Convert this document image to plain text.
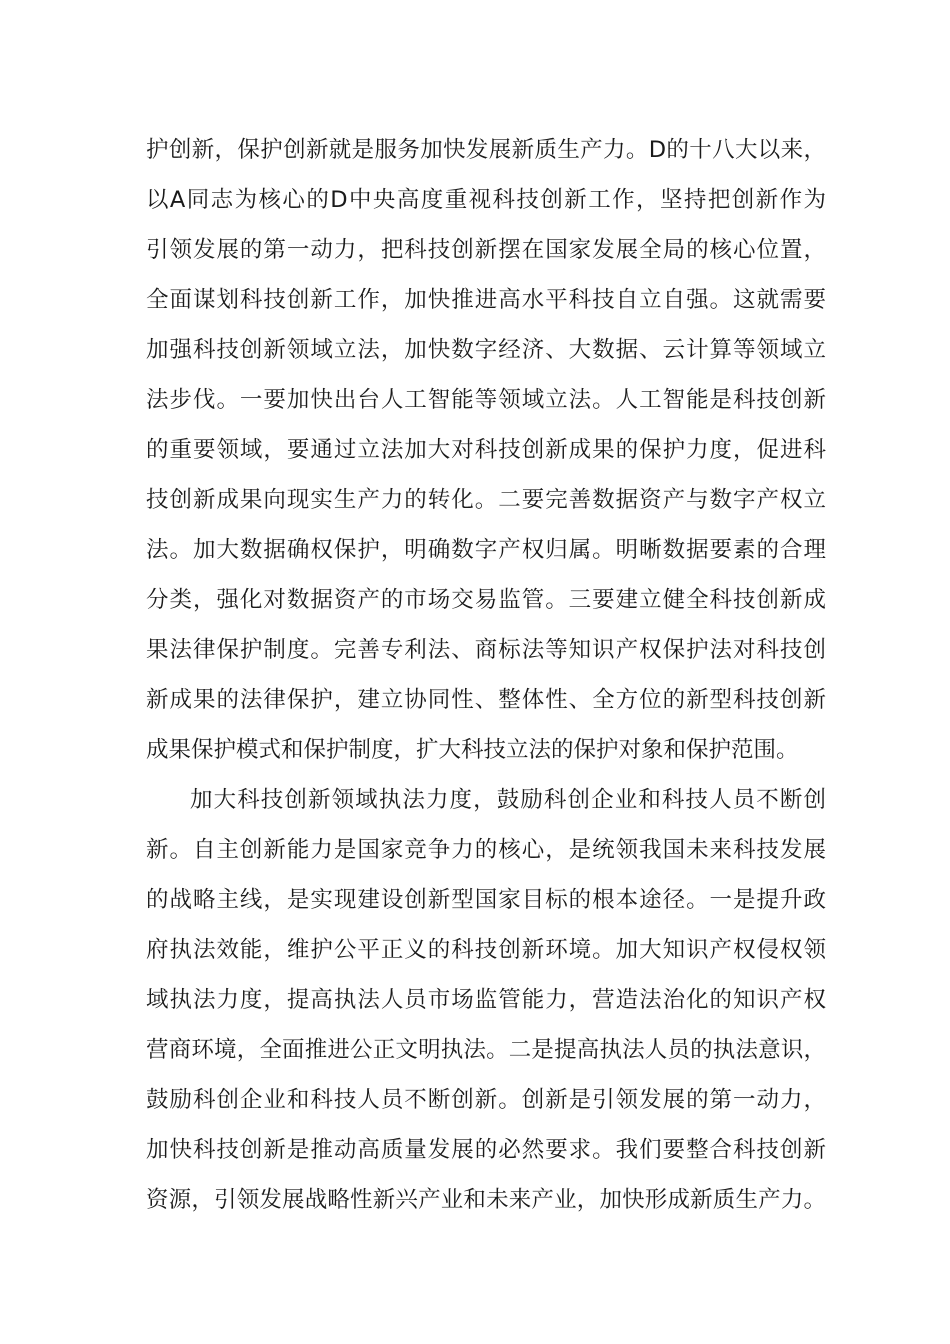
护创新，保护创新就是服务加快发展新质生产力。D的十八大以来，
以A同志为核心的D中央高度重视科技创新工作，坚持把创新作为
引领发展的第一动力，把科技创新摆在国家发展全局的核心位置，
全面谋划科技创新工作，加快推进高水平科技自立自强。这就需要
加强科技创新领域立法，加快数字经济、大数据、云计算等领域立
法步伐。一要加快出台人工智能等领域立法。人工智能是科技创新
的重要领域，要通过立法加大对科技创新成果的保护力度，促进科
技创新成果向现实生产力的转化。二要完善数据资产与数字产权立
法。加大数据确权保护，明确数字产权归属。明晰数据要素的合理
分类，强化对数据资产的市场交易监管。三要建立健全科技创新成
果法律保护制度。完善专利法、商标法等知识产权保护法对科技创
新成果的法律保护，建立协同性、整体性、全方位的新型科技创新
成果保护模式和保护制度，扩大科技立法的保护对象和保护范围。
加大科技创新领域执法力度，鼓励科创企业和科技人员不断创
新。自主创新能力是国家竞争力的核心，是统领我国未来科技发展
的战略主线，是实现建设创新型国家目标的根本途径。一是提升政
府执法效能，维护公平正义的科技创新环境。加大知识产权侵权领
域执法力度，提高执法人员市场监管能力，营造法治化的知识产权
营商环境，全面推进公正文明执法。二是提高执法人员的执法意识，
鼓励科创企业和科技人员不断创新。创新是引领发展的第一动力，
加快科技创新是推动高质量发展的必然要求。我们要整合科技创新
资源，引领发展战略性新兴产业和未来产业，加快形成新质生产力。
